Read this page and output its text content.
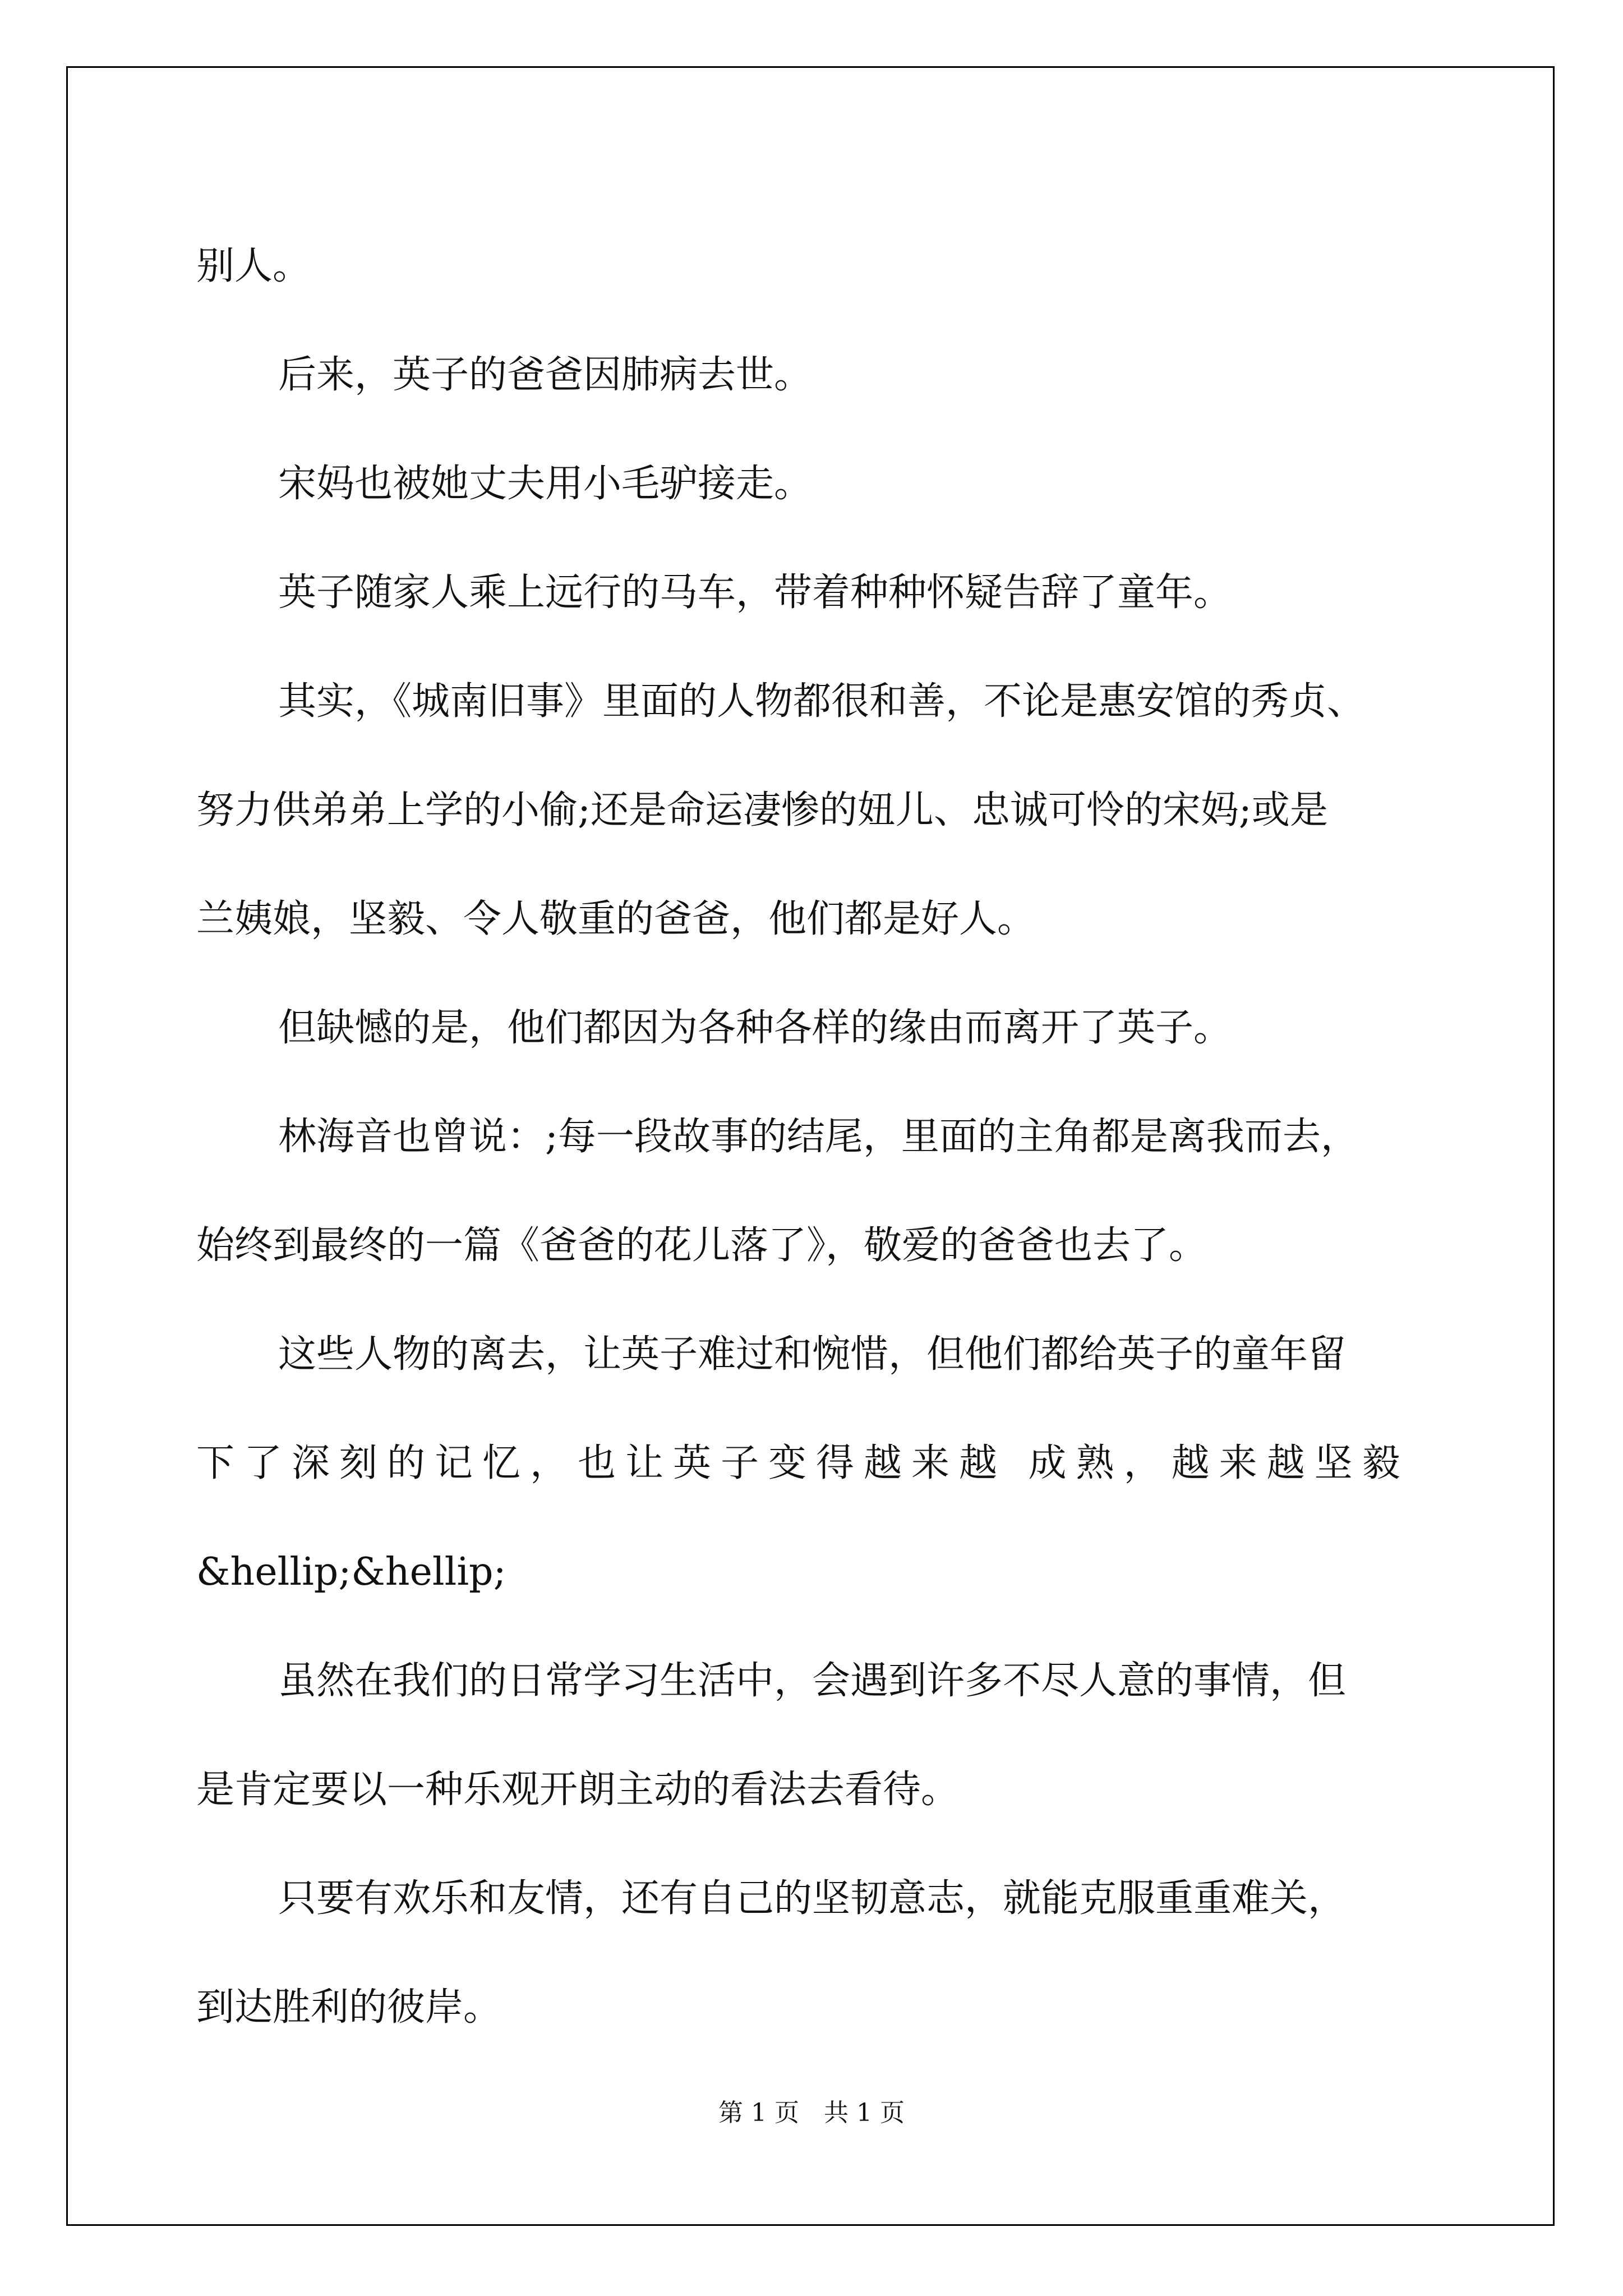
别人。
后来，英子的爸爸因肺病去世。
宋妈也被她丈夫用小毛驴接走。
英子随家人乘上远行的马车，带着种种怀疑告辞了童年。
其实，《城南旧事》里面的人物都很和善，不论是惠安馆的秀贞、
努力供弟弟上学的小偷;还是命运凄惨的妞儿、忠诚可怜的宋妈;或是
兰姨娘，坚毅、令人敬重的爸爸，他们都是好人。
但缺憾的是，他们都因为各种各样的缘由而离开了英子。
林海音也曾说：;每一段故事的结尾，里面的主角都是离我而去，
始终到最终的一篇《爸爸的花儿落了》，敬爱的爸爸也去了。
这些人物的离去，让英子难过和惋惜，但他们都给英子的童年留
下了深刻的记忆，也让英子变得越来越 成熟，越来越坚毅
&hellip;&hellip;
虽然在我们的日常学习生活中，会遇到许多不尽人意的事情，但
是肯定要以一种乐观开朗主动的看法去看待。
只要有欢乐和友情，还有自己的坚韧意志，就能克服重重难关，
到达胜利的彼岸。
第 1 页　共 1 页
